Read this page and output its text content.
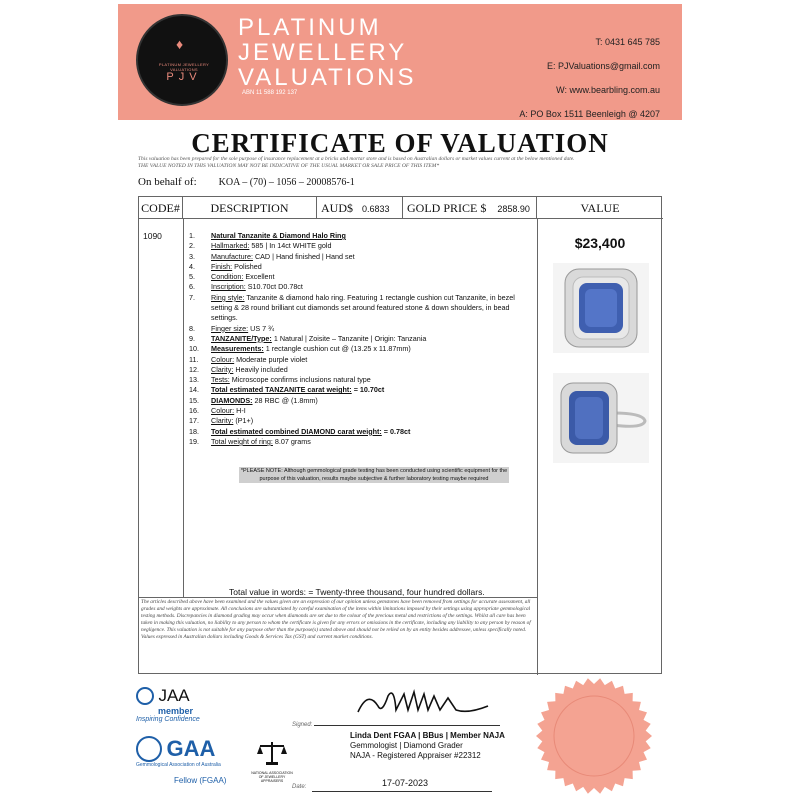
♦
PLATINUM JEWELLERY VALUATIONS
PJV
PLATINUM
JEWELLERY
VALUATIONS
ABN 11 588 192 137
T: 0431 645 785
E: PJValuations@gmail.com
W: www.bearbling.com.au
A: PO Box 1511 Beenleigh @ 4207
CERTIFICATE OF VALUATION
This valuation has been prepared for the sole purpose of insurance replacement at a bricks and mortar store and is based on Australian dollars or market values current at the below mentioned date.
THE VALUE NOTED IN THIS VALUATION MAY NOT BE INDICATIVE OF THE USUAL MARKET OR SALE PRICE OF THIS ITEM*
On behalf of: KOA – (70) – 1056 – 20008576-1
CODE#	DESCRIPTION	AUD$ 0.6833	GOLD PRICE $ 2858.90	VALUE
1090	1.	Natural Tanzanite & Diamond Halo Ring
2.	Hallmarked: 585 | In 14ct WHITE gold
3.	Manufacture: CAD | Hand finished | Hand set
4.	Finish: Polished
5.	Condition: Excellent
6.	Inscription: S10.70ct D0.78ct
7.	Ring style: Tanzanite & diamond halo ring. Featuring 1 rectangle cushion cut Tanzanite, in bezel setting & 28 round brilliant cut diamonds set around featured stone & down shoulders, in bead settings.
8.	Finger size: US 7 ¾
9.	TANZANITE/Type: 1 Natural | Zoisite – Tanzanite | Origin: Tanzania
10.	Measurements: 1 rectangle cushion cut @ (13.25 x 11.87mm)
11.	Colour: Moderate purple violet
12.	Clarity: Heavily included
13.	Tests: Microscope confirms inclusions natural type
14.	Total estimated TANZANITE carat weight: = 10.70ct
15.	DIAMONDS: 28 RBC @ (1.8mm)
16.	Colour: H-I
17.	Clarity: (P1+)
18.	Total estimated combined DIAMOND carat weight: = 0.78ct
19.	Total weight of ring: 8.07 grams
*PLEASE NOTE: Although gemmological grade testing has been conducted using scientific equipment for the purpose of this valuation, results maybe subjective & further laboratory testing maybe required
Total value in words: = Twenty-three thousand, four hundred dollars.
$23,400
The articles described above have been examined and the values given are an expression of our opinion unless gemstones have been removed from settings for accurate assessment, all grades and weights are approximate. All conclusions are substantiated by careful examination of the items within limitations imposed by their settings using appropriate gemmological testing methods. Discrepancies in diamond grading may occur when diamonds are set due to the colour of the precious metal and restrictions of the settings. Whilst all care has been taken in making this valuation, no liability to any person to whom the certificate is given for any errors or omissions in the certificate, including any liability to any person by reason of negligence. This valuation is not suitable for any purpose other than the purpose(s) stated above and should not be relied on by an entity besides addressee, unless specifically noted. Values expressed in Australian dollars including Goods & Services Tax (GST) and current market conditions.
JAA
member
Inspiring Confidence
GAA
Gemmological Association of Australia
Fellow (FGAA)
NATIONAL ASSOCIATION OF JEWELLERY APPRAISERS
Signed:
Linda Dent FGAA | BBus | Member NAJA
Gemmologist | Diamond Grader
NAJA - Registered Appraiser #22312
Date:	17-07-2023
